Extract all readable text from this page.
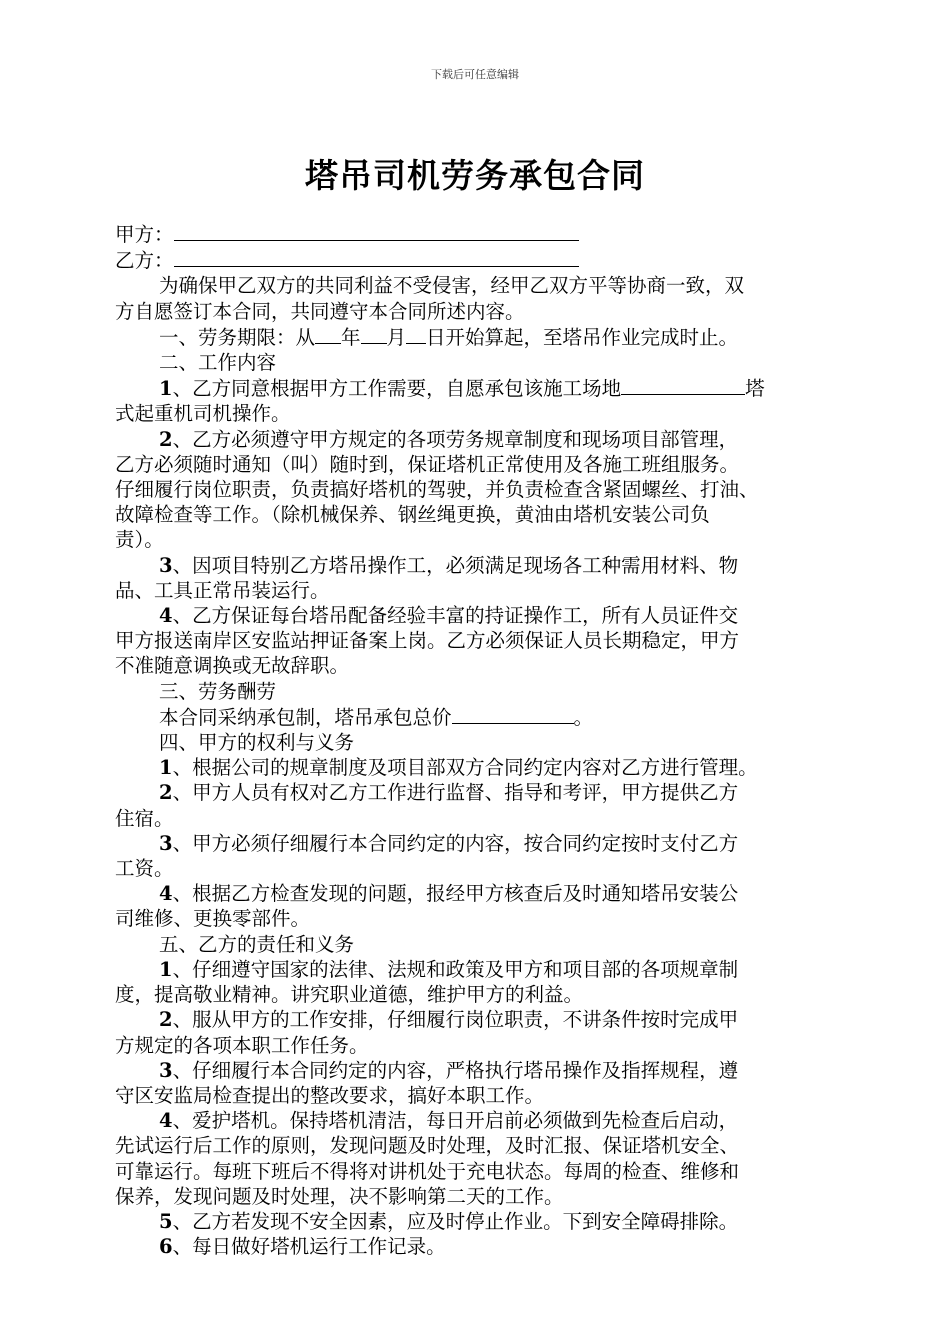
下载后可任意编辑
塔吊司机劳务承包合同
甲方：
乙方：
为确保甲乙双方的共同利益不受侵害，经甲乙双方平等协商一致，双
方自愿签订本合同，共同遵守本合同所述内容。
一、劳务期限：从 年 月 日开始算起，至塔吊作业完成时止。
二、工作内容
1、乙方同意根据甲方工作需要，自愿承包该施工场地	塔
式起重机司机操作。
2、乙方必须遵守甲方规定的各项劳务规章制度和现场项目部管理，
乙方必须随时通知（叫）随时到，保证塔机正常使用及各施工班组服务。
仔细履行岗位职责，负责搞好塔机的驾驶，并负责检查含紧固螺丝、打油、
故障检查等工作。（除机械保养、钢丝绳更换，黄油由塔机安装公司负
责）。
3、因项目特别乙方塔吊操作工，必须满足现场各工种需用材料、物
品、工具正常吊装运行。
4、乙方保证每台塔吊配备经验丰富的持证操作工，所有人员证件交
甲方报送南岸区安监站押证备案上岗。乙方必须保证人员长期稳定，甲方
不准随意调换或无故辞职。
三、劳务酬劳
本合同采纳承包制，塔吊承包总价	。
四、甲方的权利与义务
1、根据公司的规章制度及项目部双方合同约定内容对乙方进行管理。
2、甲方人员有权对乙方工作进行监督、指导和考评，甲方提供乙方
住宿。
3、甲方必须仔细履行本合同约定的内容，按合同约定按时支付乙方
工资。
4、根据乙方检查发现的问题，报经甲方核查后及时通知塔吊安装公
司维修、更换零部件。
五、乙方的责任和义务
1、仔细遵守国家的法律、法规和政策及甲方和项目部的各项规章制
度，提高敬业精神。讲究职业道德，维护甲方的利益。
2、服从甲方的工作安排，仔细履行岗位职责，不讲条件按时完成甲
方规定的各项本职工作任务。
3、仔细履行本合同约定的内容，严格执行塔吊操作及指挥规程，遵
守区安监局检查提出的整改要求，搞好本职工作。
4、爱护塔机。保持塔机清洁，每日开启前必须做到先检查后启动，
先试运行后工作的原则，发现问题及时处理，及时汇报、保证塔机安全、
可靠运行。每班下班后不得将对讲机处于充电状态。每周的检查、维修和
保养，发现问题及时处理，决不影响第二天的工作。
5、乙方若发现不安全因素，应及时停止作业。下到安全障碍排除。
6、每日做好塔机运行工作记录。
